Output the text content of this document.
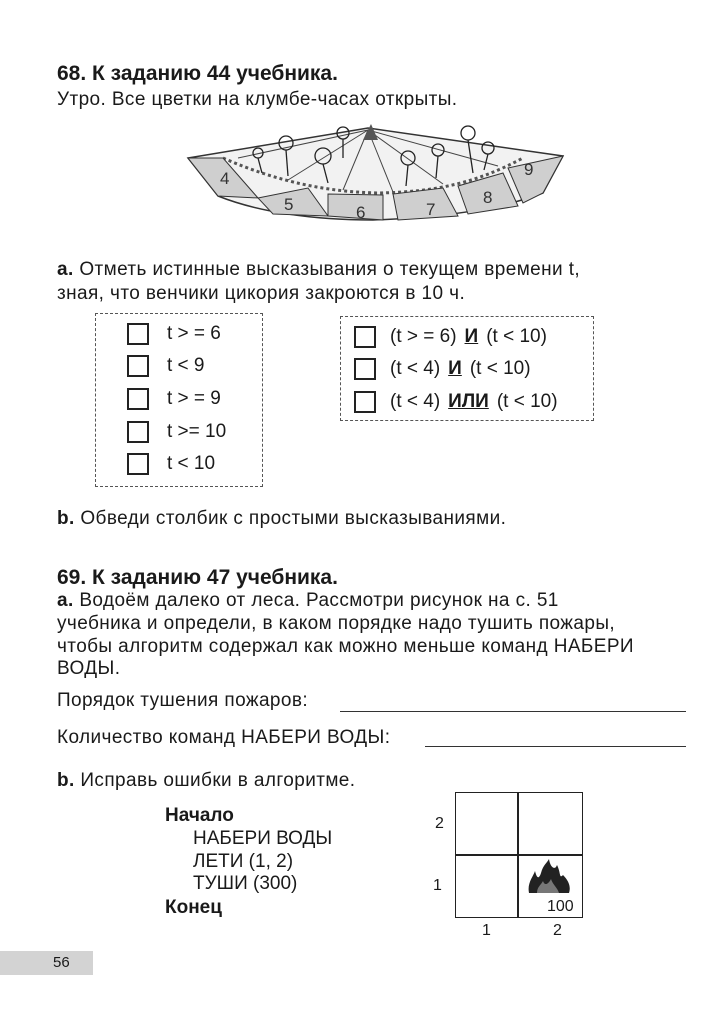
68. К заданию 44 учебника.
Утро. Все цветки на клумбе-часах открыты.
4
5	6	7
8
9
а. Отметь истинные высказывания о текущем времени t,
зная, что венчики цикория закроются в 10 ч.
t > = 6
t < 9
t > = 9
t >= 10
t < 10
(t > = 6) И (t < 10)
(t < 4) И (t < 10)
(t < 4) ИЛИ (t < 10)
b. Обведи столбик с простыми высказываниями.
69. К заданию 47 учебника.
а. Водоём далеко от леса. Рассмотри рисунок на с. 51
учебника и определи, в каком порядке надо тушить пожары,
чтобы алгоритм содержал как можно меньше команд НАБЕРИ
ВОДЫ.
Порядок тушения пожаров:
Количество команд НАБЕРИ ВОДЫ:
b. Исправь ошибки в алгоритме.
Начало
НАБЕРИ ВОДЫ
ЛЕТИ (1, 2)
ТУШИ (300)
Конец	100
2
1
1	2
56
